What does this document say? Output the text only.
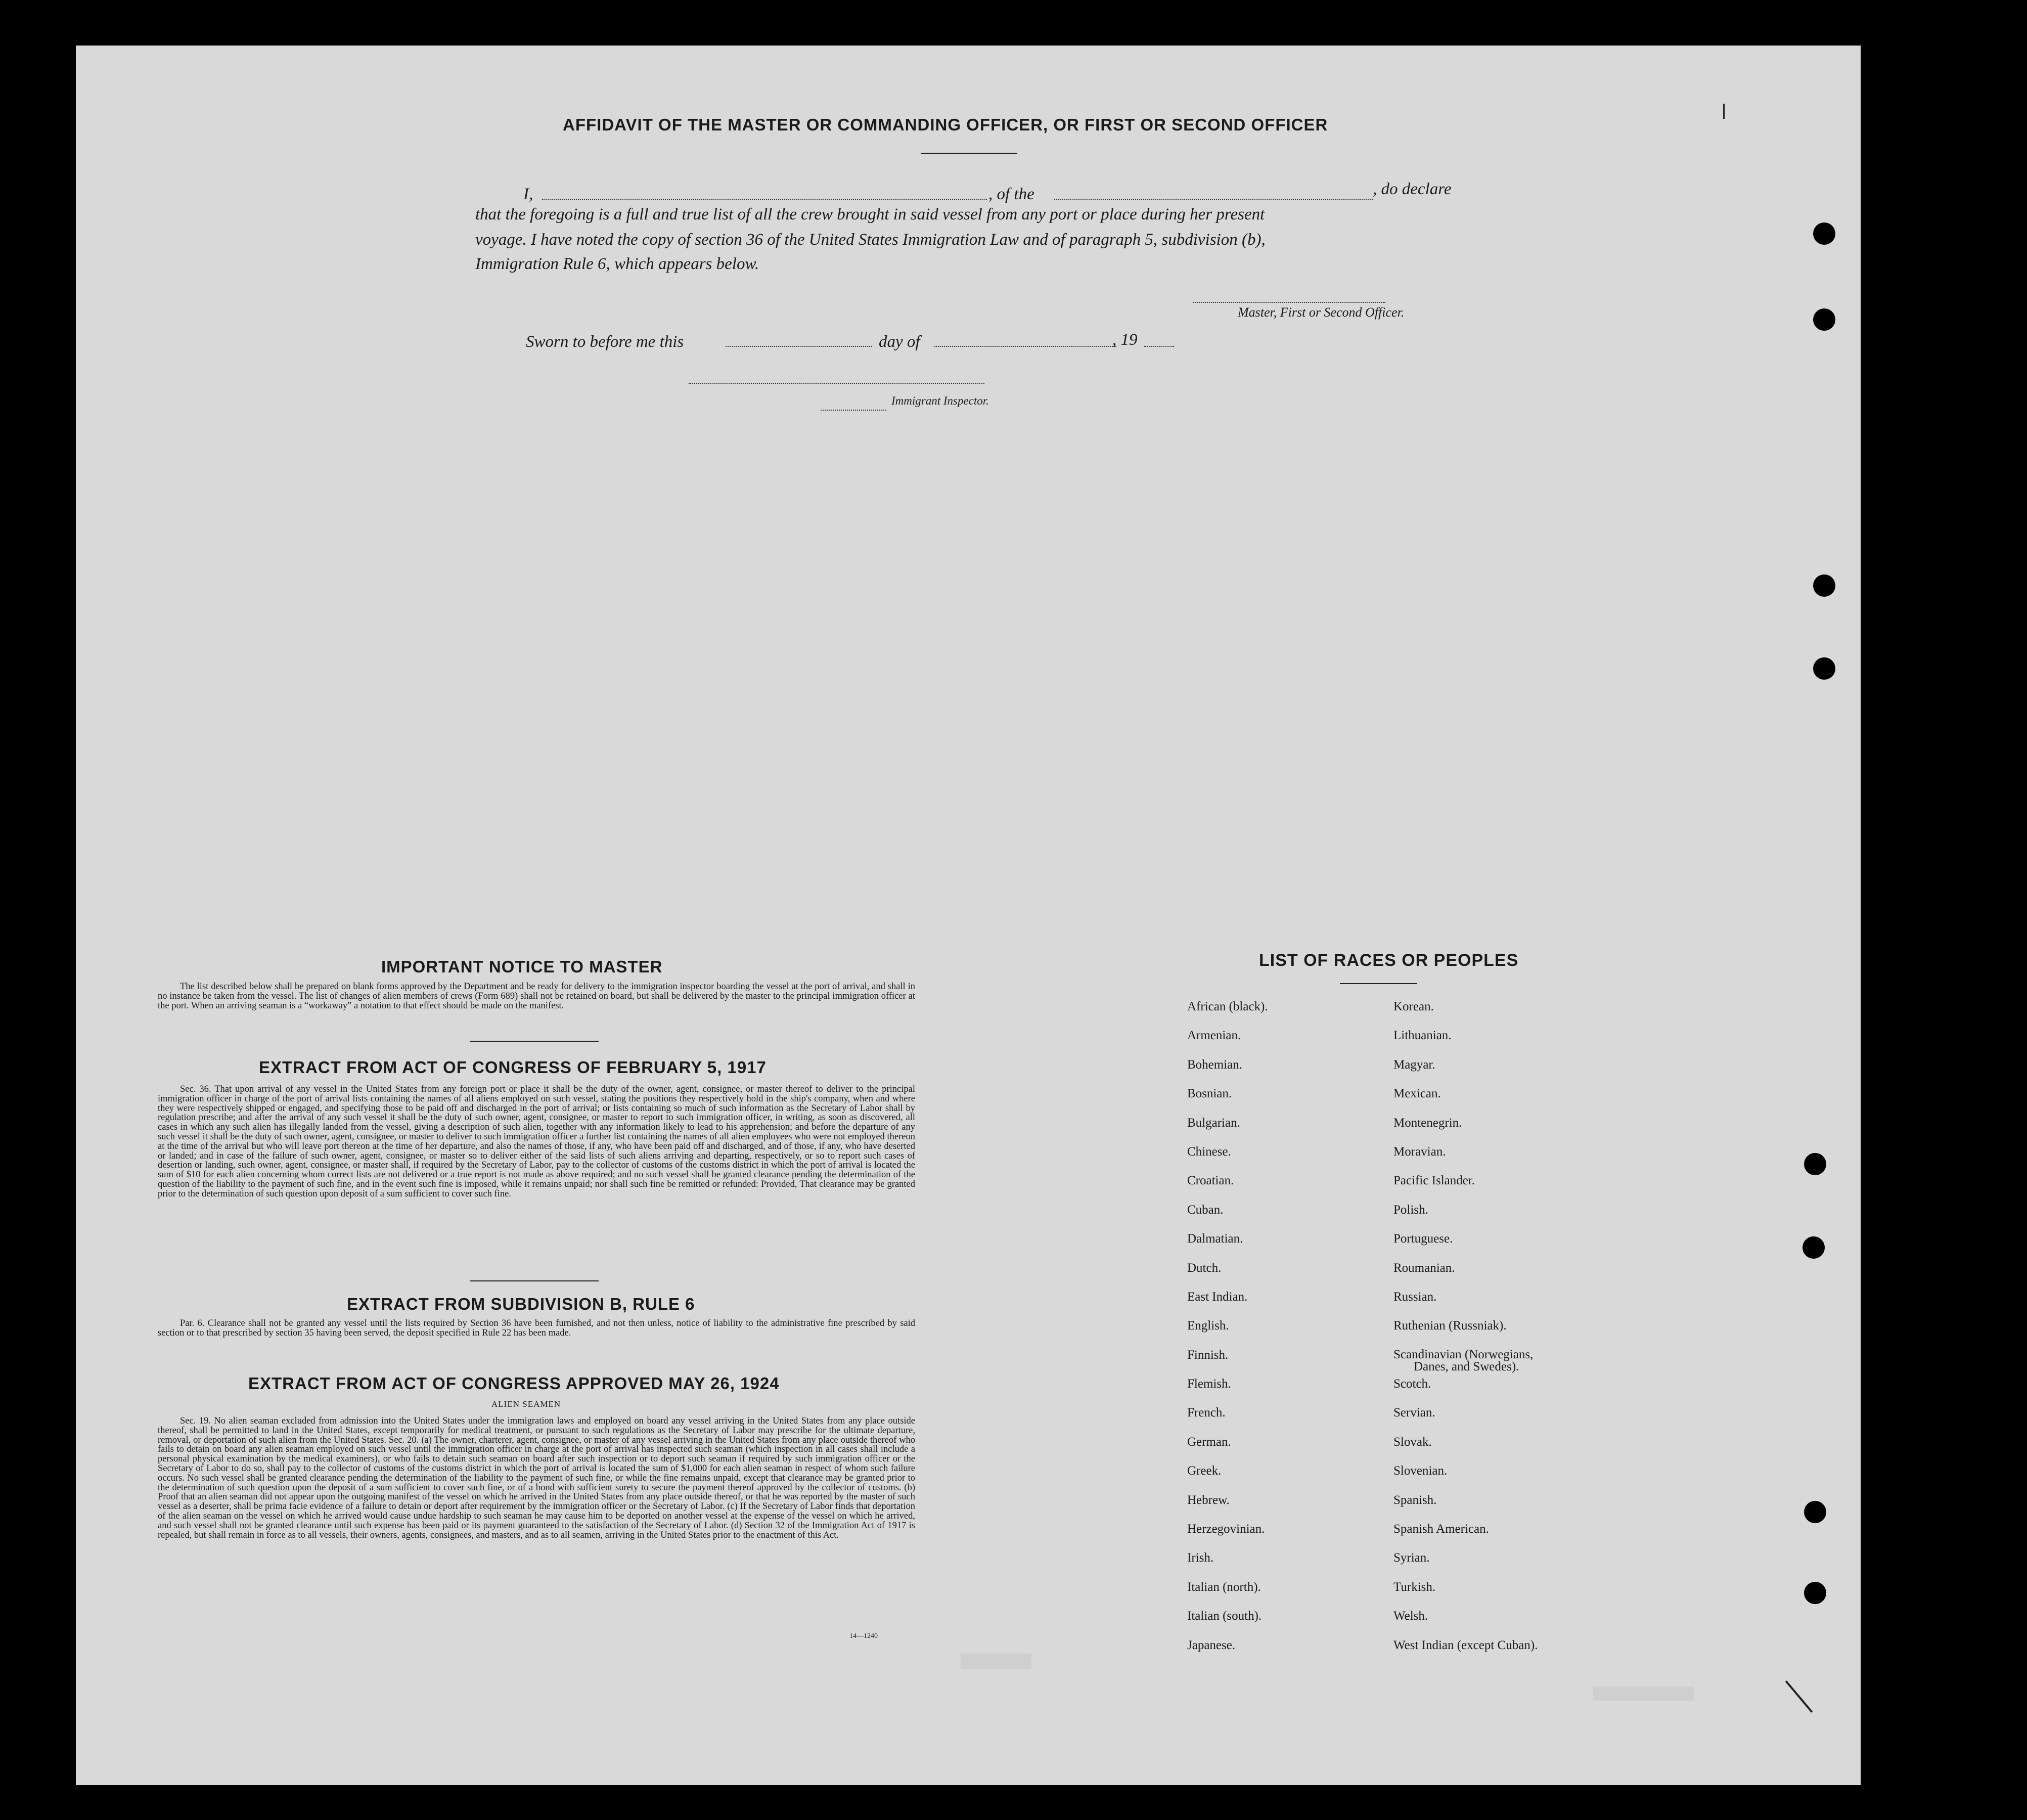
AFFIDAVIT OF THE MASTER OR COMMANDING OFFICER, OR FIRST OR SECOND OFFICER
I,	, of the	, do declare
that the foregoing is a full and true list of all the crew brought in said vessel from any port or place during her present
voyage. I have noted the copy of section 36 of the United States Immigration Law and of paragraph 5, subdivision (b),
Immigration Rule 6, which appears below.
Master, First or Second Officer.
Sworn to before me this	day of	, 19
Immigrant Inspector.
IMPORTANT NOTICE TO MASTER
The list described below shall be prepared on blank forms approved by the Department and be ready for delivery to the immigration inspector boarding the vessel at the port of arrival, and shall in no instance be taken from the vessel. The list of changes of alien members of crews (Form 689) shall not be retained on board, but shall be delivered by the master to the principal immigration officer at the port. When an arriving seaman is a “workaway” a notation to that effect should be made on the manifest.
EXTRACT FROM ACT OF CONGRESS OF FEBRUARY 5, 1917
Sec. 36. That upon arrival of any vessel in the United States from any foreign port or place it shall be the duty of the owner, agent, consignee, or master thereof to deliver to the principal immigration officer in charge of the port of arrival lists containing the names of all aliens employed on such vessel, stating the positions they respectively hold in the ship's company, when and where they were respectively shipped or engaged, and specifying those to be paid off and discharged in the port of arrival; or lists containing so much of such information as the Secretary of Labor shall by regulation prescribe; and after the arrival of any such vessel it shall be the duty of such owner, agent, consignee, or master to report to such immigration officer, in writing, as soon as discovered, all cases in which any such alien has illegally landed from the vessel, giving a description of such alien, together with any information likely to lead to his apprehension; and before the departure of any such vessel it shall be the duty of such owner, agent, consignee, or master to deliver to such immigration officer a further list containing the names of all alien employees who were not employed thereon at the time of the arrival but who will leave port thereon at the time of her departure, and also the names of those, if any, who have been paid off and discharged, and of those, if any, who have deserted or landed; and in case of the failure of such owner, agent, consignee, or master so to deliver either of the said lists of such aliens arriving and departing, respectively, or so to report such cases of desertion or landing, such owner, agent, consignee, or master shall, if required by the Secretary of Labor, pay to the collector of customs of the customs district in which the port of arrival is located the sum of $10 for each alien concerning whom correct lists are not delivered or a true report is not made as above required; and no such vessel shall be granted clearance pending the determination of the question of the liability to the payment of such fine, and in the event such fine is imposed, while it remains unpaid; nor shall such fine be remitted or refunded: Provided, That clearance may be granted prior to the determination of such question upon deposit of a sum sufficient to cover such fine.
EXTRACT FROM SUBDIVISION B, RULE 6
Par. 6. Clearance shall not be granted any vessel until the lists required by Section 36 have been furnished, and not then unless, notice of liability to the administrative fine prescribed by said section or to that prescribed by section 35 having been served, the deposit specified in Rule 22 has been made.
EXTRACT FROM ACT OF CONGRESS APPROVED MAY 26, 1924
ALIEN SEAMEN
Sec. 19. No alien seaman excluded from admission into the United States under the immigration laws and employed on board any vessel arriving in the United States from any place outside thereof, shall be permitted to land in the United States, except temporarily for medical treatment, or pursuant to such regulations as the Secretary of Labor may prescribe for the ultimate departure, removal, or deportation of such alien from the United States. Sec. 20. (a) The owner, charterer, agent, consignee, or master of any vessel arriving in the United States from any place outside thereof who fails to detain on board any alien seaman employed on such vessel until the immigration officer in charge at the port of arrival has inspected such seaman (which inspection in all cases shall include a personal physical examination by the medical examiners), or who fails to detain such seaman on board after such inspection or to deport such seaman if required by such immigration officer or the Secretary of Labor to do so, shall pay to the collector of customs of the customs district in which the port of arrival is located the sum of $1,000 for each alien seaman in respect of whom such failure occurs. No such vessel shall be granted clearance pending the determination of the liability to the payment of such fine, or while the fine remains unpaid, except that clearance may be granted prior to the determination of such question upon the deposit of a sum sufficient to cover such fine, or of a bond with sufficient surety to secure the payment thereof approved by the collector of customs. (b) Proof that an alien seaman did not appear upon the outgoing manifest of the vessel on which he arrived in the United States from any place outside thereof, or that he was reported by the master of such vessel as a deserter, shall be prima facie evidence of a failure to detain or deport after requirement by the immigration officer or the Secretary of Labor. (c) If the Secretary of Labor finds that deportation of the alien seaman on the vessel on which he arrived would cause undue hardship to such seaman he may cause him to be deported on another vessel at the expense of the vessel on which he arrived, and such vessel shall not be granted clearance until such expense has been paid or its payment guaranteed to the satisfaction of the Secretary of Labor. (d) Section 32 of the Immigration Act of 1917 is repealed, but shall remain in force as to all vessels, their owners, agents, consignees, and masters, and as to all seamen, arriving in the United States prior to the enactment of this Act.
14—1240
LIST OF RACES OR PEOPLES
African (black).
Armenian.
Bohemian.
Bosnian.
Bulgarian.
Chinese.
Croatian.
Cuban.
Dalmatian.
Dutch.
East Indian.
English.
Finnish.
Flemish.
French.
German.
Greek.
Hebrew.
Herzegovinian.
Irish.
Italian (north).
Italian (south).
Japanese.
Korean.
Lithuanian.
Magyar.
Mexican.
Montenegrin.
Moravian.
Pacific Islander.
Polish.
Portuguese.
Roumanian.
Russian.
Ruthenian (Russniak).
Scandinavian (Norwegians,
Danes, and Swedes).
Scotch.
Servian.
Slovak.
Slovenian.
Spanish.
Spanish American.
Syrian.
Turkish.
Welsh.
West Indian (except Cuban).
